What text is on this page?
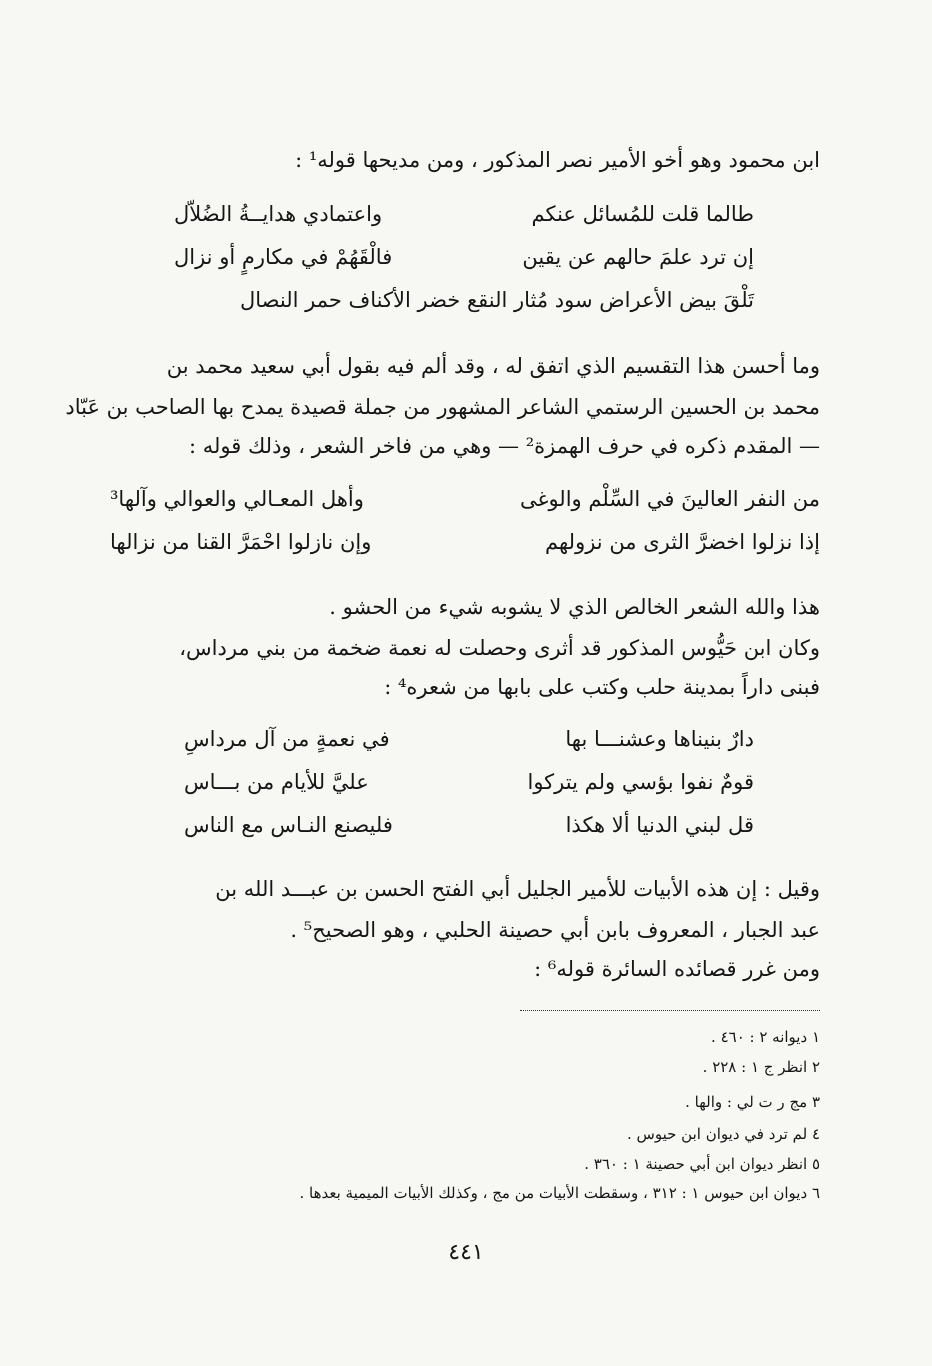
ابن محمود وهو أخو الأمير نصر المذكور ، ومن مديحها قوله¹ :
طالما قلت للمُسائل عنكم
واعتمادي هدايــةُ الضُلاّل
إن ترد علمَ حالهم عن يقين
فالْقَهُمْ في مكارمٍ أو نزال
تَلْقَ بيض الأعراض سود مُثار النقع خضر الأكناف حمر النصال
وما أحسن هذا التقسيم الذي اتفق له ، وقد ألم فيه بقول أبي سعيد محمد بن
محمد بن الحسين الرستمي الشاعر المشهور من جملة قصيدة يمدح بها الصاحب بن عَبّاد
— المقدم ذكره في حرف الهمزة² — وهي من فاخر الشعر ، وذلك قوله :
من النفر العالينَ في السِّلْم والوغى
وأهل المعـالي والعوالي وآلها³
إذا نزلوا اخضرَّ الثرى من نزولهم
وإن نازلوا احْمَرَّ القنا من نزالها
هذا والله الشعر الخالص الذي لا يشوبه شيء من الحشو .
وكان ابن حَيُّوس المذكور قد أثرى وحصلت له نعمة ضخمة من بني مرداس،
فبنى داراً بمدينة حلب وكتب على بابها من شعره⁴ :
دارٌ بنيناها وعشنـــا بها
في نعمةٍ من آل مرداسِ
قومٌ نفوا بؤسي ولم يتركوا
عليَّ للأيام من بـــاس
قل لبني الدنيا ألا هكذا
فليصنع النـاس مع الناس
وقيل : إن هذه الأبيات للأمير الجليل أبي الفتح الحسن بن عبـــد الله بن
عبد الجبار ، المعروف بابن أبي حصينة الحلبي ، وهو الصحيح⁵ .
ومن غرر قصائده السائرة قوله⁶ :
١ ديوانه ٢ : ٤٦٠ .
٢ انظر ج ١ : ٢٢٨ .
٣ مج ر ت لي : والها .
٤ لم ترد في ديوان ابن حيوس .
٥ انظر ديوان ابن أبي حصينة ١ : ٣٦٠ .
٦ ديوان ابن حيوس ١ : ٣١٢ ، وسقطت الأبيات من مج ، وكذلك الأبيات الميمية بعدها .
٤٤١
